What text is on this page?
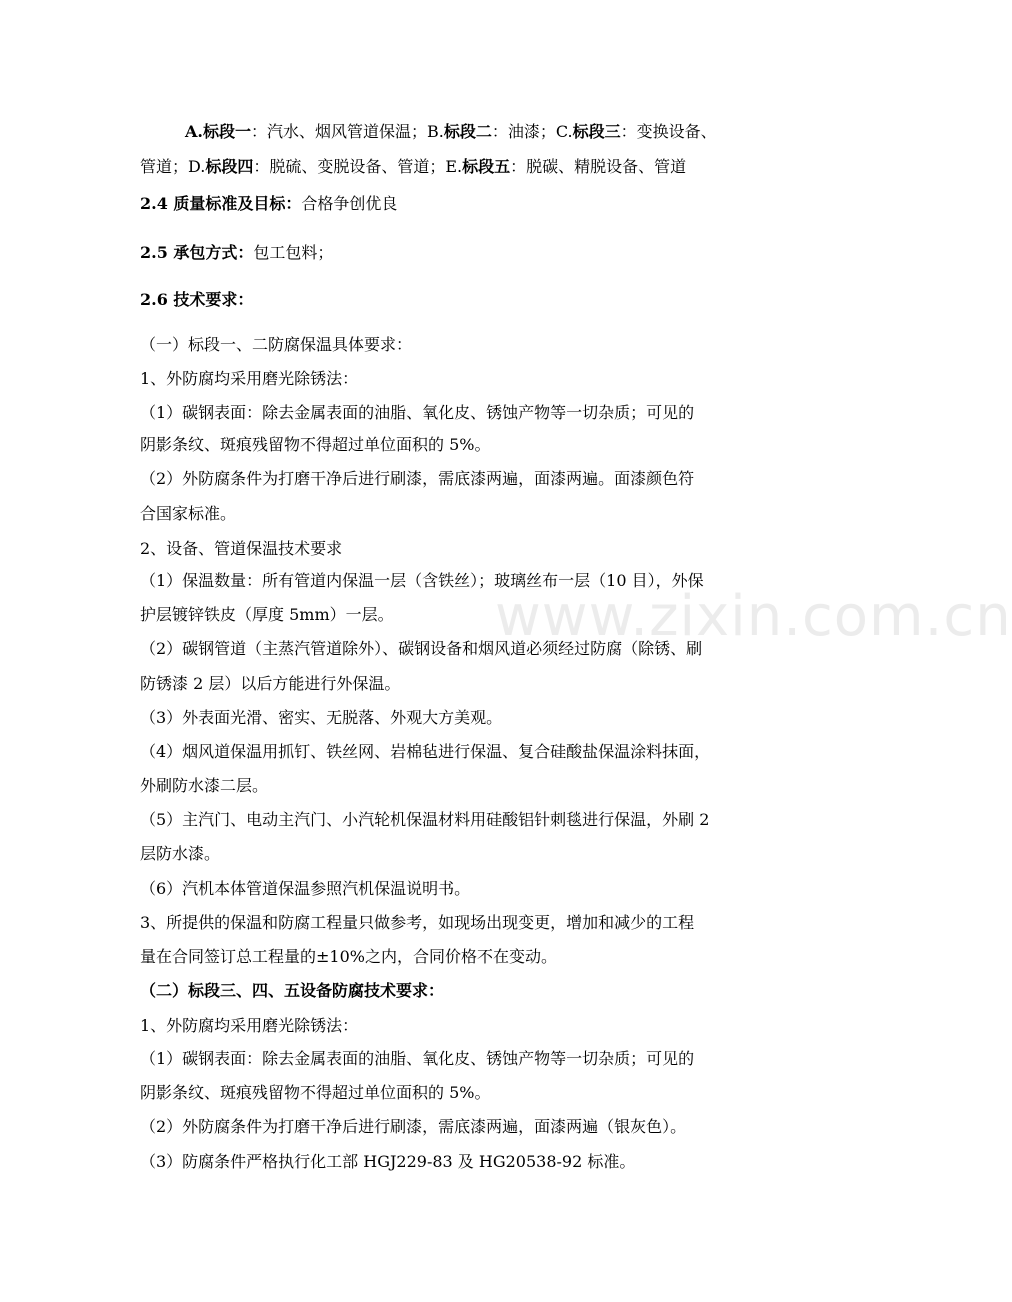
www.zixin.com.cn
A.标段一：汽水、烟风管道保温；B.标段二：油漆；C.标段三：变换设备、
管道；D.标段四：脱硫、变脱设备、管道；E.标段五：脱碳、精脱设备、管道
2.4 质量标准及目标：合格争创优良
2.5 承包方式：包工包料；
2.6 技术要求：
（一）标段一、二防腐保温具体要求：
1、外防腐均采用磨光除锈法：
（1）碳钢表面：除去金属表面的油脂、氧化皮、锈蚀产物等一切杂质；可见的
阴影条纹、斑痕残留物不得超过单位面积的 5%。
（2）外防腐条件为打磨干净后进行刷漆，需底漆两遍，面漆两遍。面漆颜色符
合国家标准。
2、设备、管道保温技术要求
（1）保温数量：所有管道内保温一层（含铁丝）；玻璃丝布一层（10 目），外保
护层镀锌铁皮（厚度 5mm）一层。
（2）碳钢管道（主蒸汽管道除外）、碳钢设备和烟风道必须经过防腐（除锈、刷
防锈漆 2 层）以后方能进行外保温。
（3）外表面光滑、密实、无脱落、外观大方美观。
（4）烟风道保温用抓钉、铁丝网、岩棉毡进行保温、复合硅酸盐保温涂料抹面，
外刷防水漆二层。
（5）主汽门、电动主汽门、小汽轮机保温材料用硅酸铝针刺毯进行保温，外刷 2
层防水漆。
（6）汽机本体管道保温参照汽机保温说明书。
3、所提供的保温和防腐工程量只做参考，如现场出现变更，增加和减少的工程
量在合同签订总工程量的±10%之内，合同价格不在变动。
（二）标段三、四、五设备防腐技术要求：
1、外防腐均采用磨光除锈法：
（1）碳钢表面：除去金属表面的油脂、氧化皮、锈蚀产物等一切杂质；可见的
阴影条纹、斑痕残留物不得超过单位面积的 5%。
（2）外防腐条件为打磨干净后进行刷漆，需底漆两遍，面漆两遍（银灰色）。
（3）防腐条件严格执行化工部 HGJ229-83 及 HG20538-92 标准。
